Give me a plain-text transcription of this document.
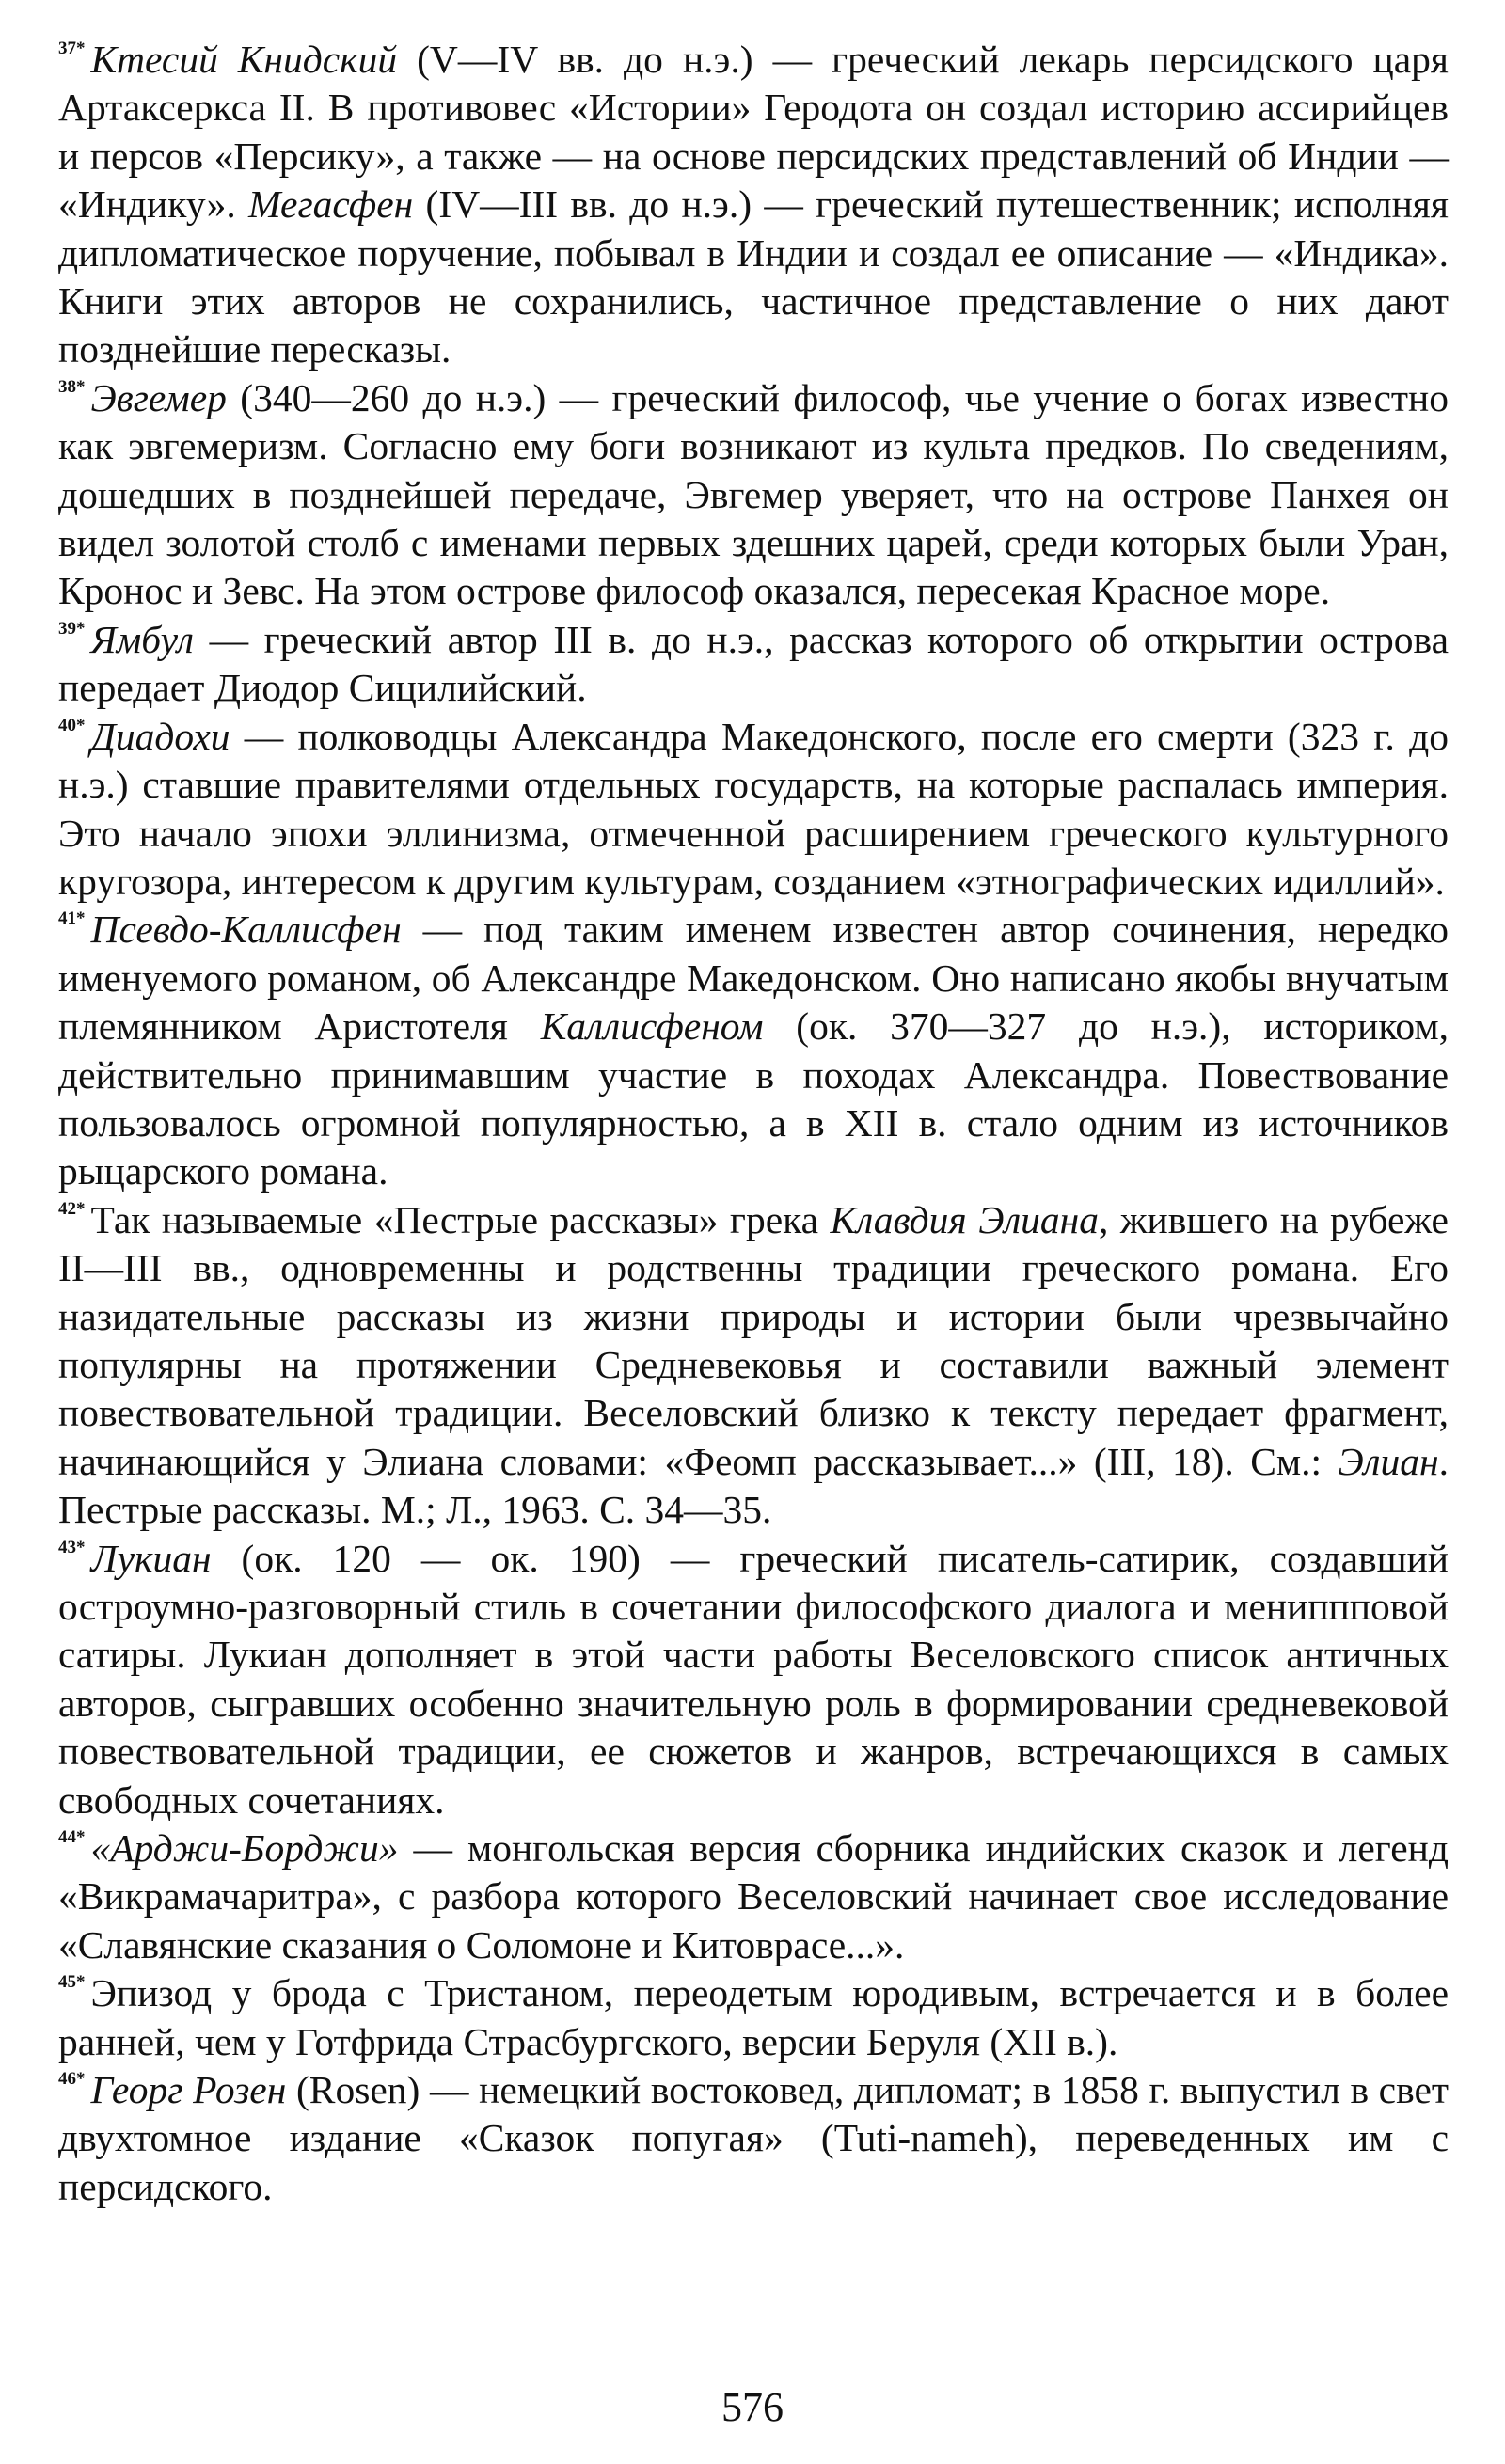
$^{37*}$ Ктесий Книдский (V—IV вв. до н.э.) — греческий лекарь персидского царя Артаксеркса II. В противовес «Истории» Геродота он создал историю ассирийцев и персов «Персику», а также — на основе персидских представлений об Индии — «Индику». Мегасфен (IV—III вв. до н.э.) — греческий путешественник; исполняя дипломатическое поручение, побывал в Индии и создал ее описание — «Индика». Книги этих авторов не сохранились, частичное представление о них дают позднейшие пересказы.

$^{38*}$ Эвгемер (340—260 до н.э.) — греческий философ, чье учение о богах известно как эвгемеризм. Согласно ему боги возникают из культа предков. По сведениям, дошедших в позднейшей передаче, Эвгемер уверяет, что на острове Панхея он видел золотой столб с именами первых здешних царей, среди которых были Уран, Кронос и Зевс. На этом острове философ оказался, пересекая Красное море.

$^{39*}$ Ямбул — греческий автор III в. до н.э., рассказ которого об открытии острова передает Диодор Сицилийский.

$^{40*}$ Диадохи — полководцы Александра Македонского, после его смерти (323 г. до н.э.) ставшие правителями отдельных государств, на которые распалась империя. Это начало эпохи эллинизма, отмеченной расширением греческого культурного кругозора, интересом к другим культурам, созданием «этнографических идиллий».

$^{41*}$ Псевдо-Каллисфен — под таким именем известен автор сочинения, нередко именуемого романом, об Александре Македонском. Оно написано якобы внучатым племянником Аристотеля Каллисфеном (ок. 370—327 до н.э.), историком, действительно принимавшим участие в походах Александра. Повествование пользовалось огромной популярностью, а в XII в. стало одним из источников рыцарского романа.

$^{42*}$ Так называемые «Пестрые рассказы» грека Клавдия Элиана, жившего на рубеже II—III вв., одновременны и родственны традиции греческого романа. Его назидательные рассказы из жизни природы и истории были чрезвычайно популярны на протяжении Средневековья и составили важный элемент повествовательной традиции. Веселовский близко к тексту передает фрагмент, начинающийся у Элиана словами: «Феомп рассказывает...» (III, 18). См.: Элиан. Пестрые рассказы. М.; Л., 1963. С. 34—35.

$^{43*}$ Лукиан (ок. 120 — ок. 190) — греческий писатель-сатирик, создавший остроумно-разговорный стиль в сочетании философского диалога и мениппповой сатиры. Лукиан дополняет в этой части работы Веселовского список античных авторов, сыгравших особенно значительную роль в формировании средневековой повествовательной традиции, ее сюжетов и жанров, встречающихся в самых свободных сочетаниях.

$^{44*}$ «Арджи-Борджи» — монгольская версия сборника индийских сказок и легенд «Викрамачаритра», с разбора которого Веселовский начинает свое исследование «Славянские сказания о Соломоне и Китоврасе...».

$^{45*}$ Эпизод у брода с Тристаном, переодетым юродивым, встречается и в более ранней, чем у Готфрида Страсбургского, версии Беруля (XII в.).

$^{46*}$ Георг Розен (Rosen) — немецкий востоковед, дипломат; в 1858 г. выпустил в свет двухтомное издание «Сказок попугая» (Tuti-nameh), переведенных им с персидского.

576
